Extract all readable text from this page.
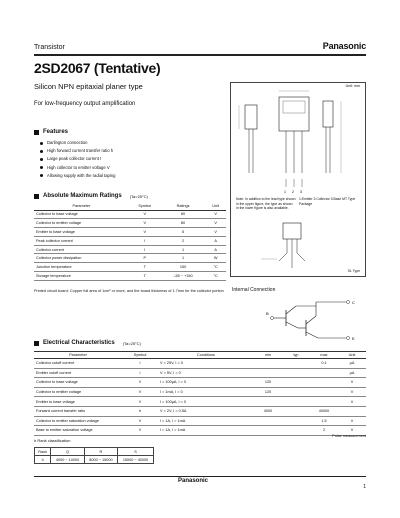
Transistor	Panasonic
2SD2067 (Tentative)
Silicon NPN epitaxial planer type
For low-frequency output amplification
Features
Darlington connection
High forward current transfer ratio h
Large peak collector current I
High collector to emitter voltage V
Allowing supply with the radial taping
Absolute Maximum Ratings (Ta=25°C)
Parameter	Symbol	Ratings	Unit
Collector to base voltage	V	80	V
Collector to emitter voltage	V	80	V
Emitter to base voltage	V	5	V
Peak collector current	I	2	A
Collector current	I	1	A
Collector power dissipation	P	1	W
Junction temperature	T	150	°C
Storage temperature	T	–55 ~ +150	°C
Printed circuit board: Copper foil area of 1cm² or more, and the board thickness of 1.7mm for the collector portion
1 2 3
Unit: mm
Note: In addition to the lead type shown in the upper figure, the type as shown in the lower figure is also available.
1:Emitter 2:Collector 3:Base MT Type Package
SL Type
Internal Connection
C
E
B
Electrical Characteristics (Ta=25°C)
Parameter	Symbol	Conditions	min	typ	max	Unit
Collector cutoff current	I	V = 25V, I = 0			0.1	µA
Emitter cutoff current	I	V = 5V, I = 0				µA
Collector to base voltage	V	I = 100µA, I = 0	120			V
Collector to emitter voltage	V	I = 1mA, I = 0	120			V
Emitter to base voltage	V	I = 100µA, I = 0				V
Forward current transfer ratio	h	V = 2V, I = 0.5A	4000		40000	
Collector to emitter saturation voltage	V	I = 1A, I = 1mA			1.5	V
Base to emitter saturation voltage	V	I = 1A, I = 1mA			2	V
Pulse measurement
h Rank classification
Rank	Q	R	S
h	4000 ~ 10000	8000 ~ 15000	15000 ~ 40000
Panasonic
1
